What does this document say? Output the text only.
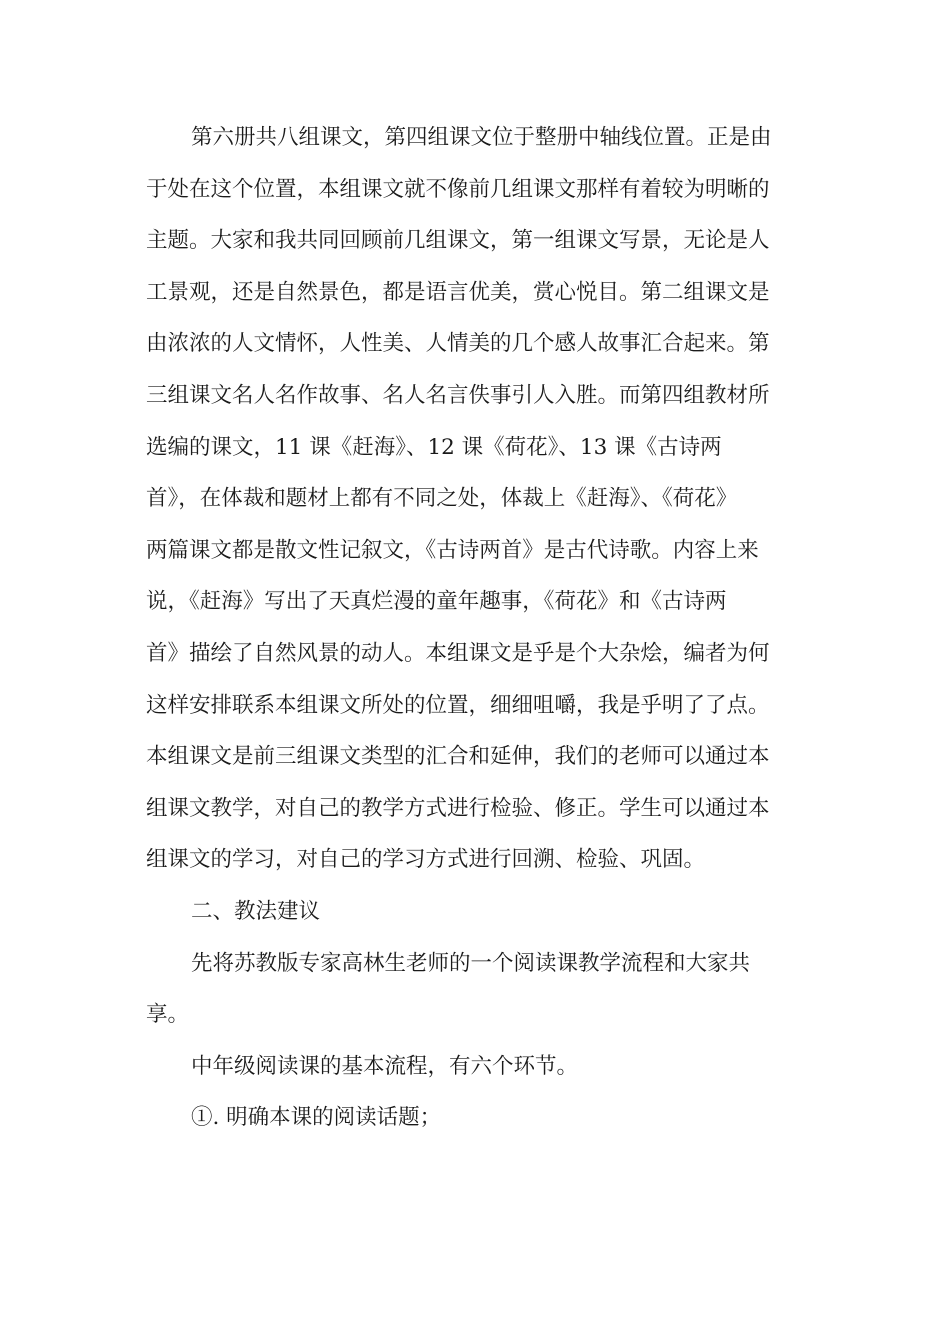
第六册共八组课文，第四组课文位于整册中轴线位置。正是由
于处在这个位置，本组课文就不像前几组课文那样有着较为明晰的
主题。大家和我共同回顾前几组课文，第一组课文写景，无论是人
工景观，还是自然景色，都是语言优美，赏心悦目。第二组课文是
由浓浓的人文情怀，人性美、人情美的几个感人故事汇合起来。第
三组课文名人名作故事、名人名言佚事引人入胜。而第四组教材所
选编的课文，11 课《赶海》、12 课《荷花》、13 课《古诗两
首》，在体裁和题材上都有不同之处，体裁上《赶海》、《荷花》
两篇课文都是散文性记叙文，《古诗两首》是古代诗歌。内容上来
说，《赶海》写出了天真烂漫的童年趣事，《荷花》和《古诗两
首》描绘了自然风景的动人。本组课文是乎是个大杂烩，编者为何
这样安排联系本组课文所处的位置，细细咀嚼，我是乎明了了点。
本组课文是前三组课文类型的汇合和延伸，我们的老师可以通过本
组课文教学，对自己的教学方式进行检验、修正。学生可以通过本
组课文的学习，对自己的学习方式进行回溯、检验、巩固。
二、教法建议
先将苏教版专家高林生老师的一个阅读课教学流程和大家共
享。
中年级阅读课的基本流程，有六个环节。
①. 明确本课的阅读话题；
